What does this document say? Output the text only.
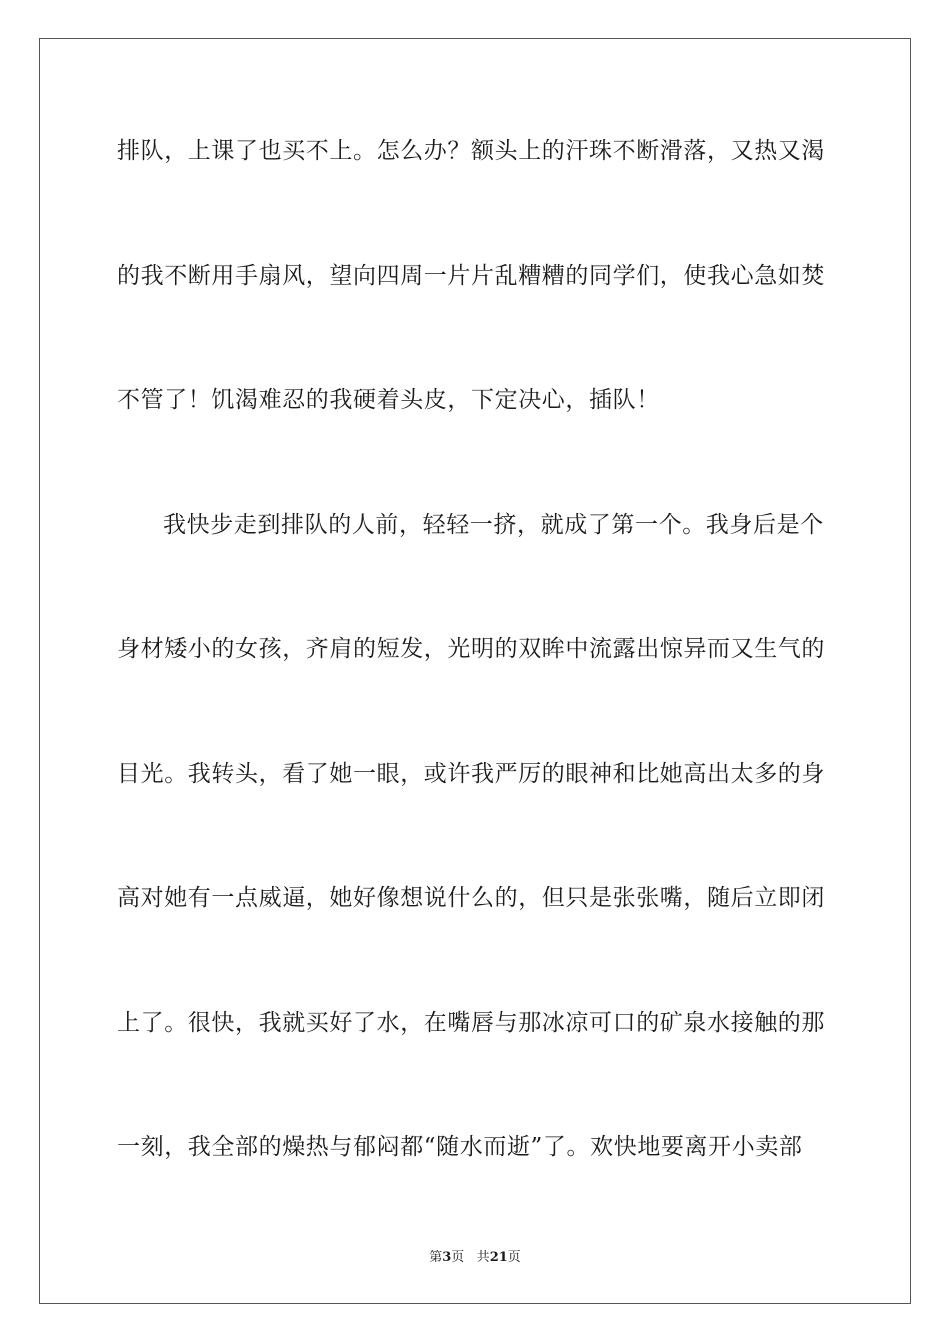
排队，上课了也买不上。怎么办？额头上的汗珠不断滑落，又热又渴
的我不断用手扇风，望向四周一片片乱糟糟的同学们，使我心急如焚
不管了！饥渴难忍的我硬着头皮，下定决心，插队！
我快步走到排队的人前，轻轻一挤，就成了第一个。我身后是个
身材矮小的女孩，齐肩的短发，光明的双眸中流露出惊异而又生气的
目光。我转头，看了她一眼，或许我严厉的眼神和比她高出太多的身
高对她有一点威逼，她好像想说什么的，但只是张张嘴，随后立即闭
上了。很快，我就买好了水，在嘴唇与那冰凉可口的矿泉水接触的那
一刻，我全部的燥热与郁闷都“随水而逝”了。欢快地要离开小卖部
第3页 共21页
